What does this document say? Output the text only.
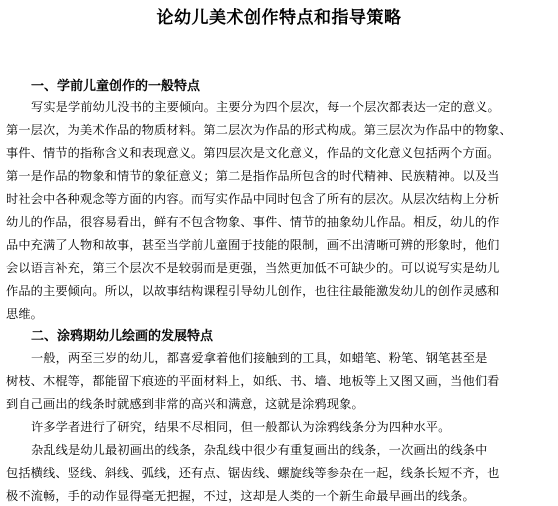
论幼儿美术创作特点和指导策略
一、学前儿童创作的一般特点
写实是学前幼儿没书的主要倾向。主要分为四个层次，每一个层次都表达一定的意义。
第一层次，为美术作品的物质材料。第二层次为作品的形式构成。第三层次为作品中的物象、
事件、情节的指称含义和表现意义。第四层次是文化意义，作品的文化意义包括两个方面。
第一是作品的物象和情节的象征意义；第二是指作品所包含的时代精神、民族精神。以及当
时社会中各种观念等方面的内容。而写实作品中同时包含了所有的层次。从层次结构上分析
幼儿的作品，很容易看出，鲜有不包含物象、事件、情节的抽象幼儿作品。相反，幼儿的作
品中充满了人物和故事，甚至当学前儿童囿于技能的限制，画不出清晰可辨的形象时，他们
会以语言补充，第三个层次不是较弱而是更强，当然更加低不可缺少的。可以说写实是幼儿
作品的主要倾向。所以，以故事结构课程引导幼儿创作，也往往最能激发幼儿的创作灵感和
思维。
二、涂鸦期幼儿绘画的发展特点
一般，两至三岁的幼儿，都喜爱拿着他们接触到的工具，如蜡笔、粉笔、钢笔甚至是
树枝、木棍等，都能留下痕迹的平面材料上，如纸、书、墙、地板等上又图又画，当他们看
到自己画出的线条时就感到非常的高兴和满意，这就是涂鸦现象。
许多学者进行了研究，结果不尽相同，但一般都认为涂鸦线条分为四种水平。
杂乱线是幼儿最初画出的线条，杂乱线中很少有重复画出的线条，一次画出的线条中
包括横线、竖线、斜线、弧线，还有点、锯齿线、螺旋线等参杂在一起，线条长短不齐，也
极不流畅，手的动作显得毫无把握，不过，这却是人类的一个新生命最早画出的线条。
